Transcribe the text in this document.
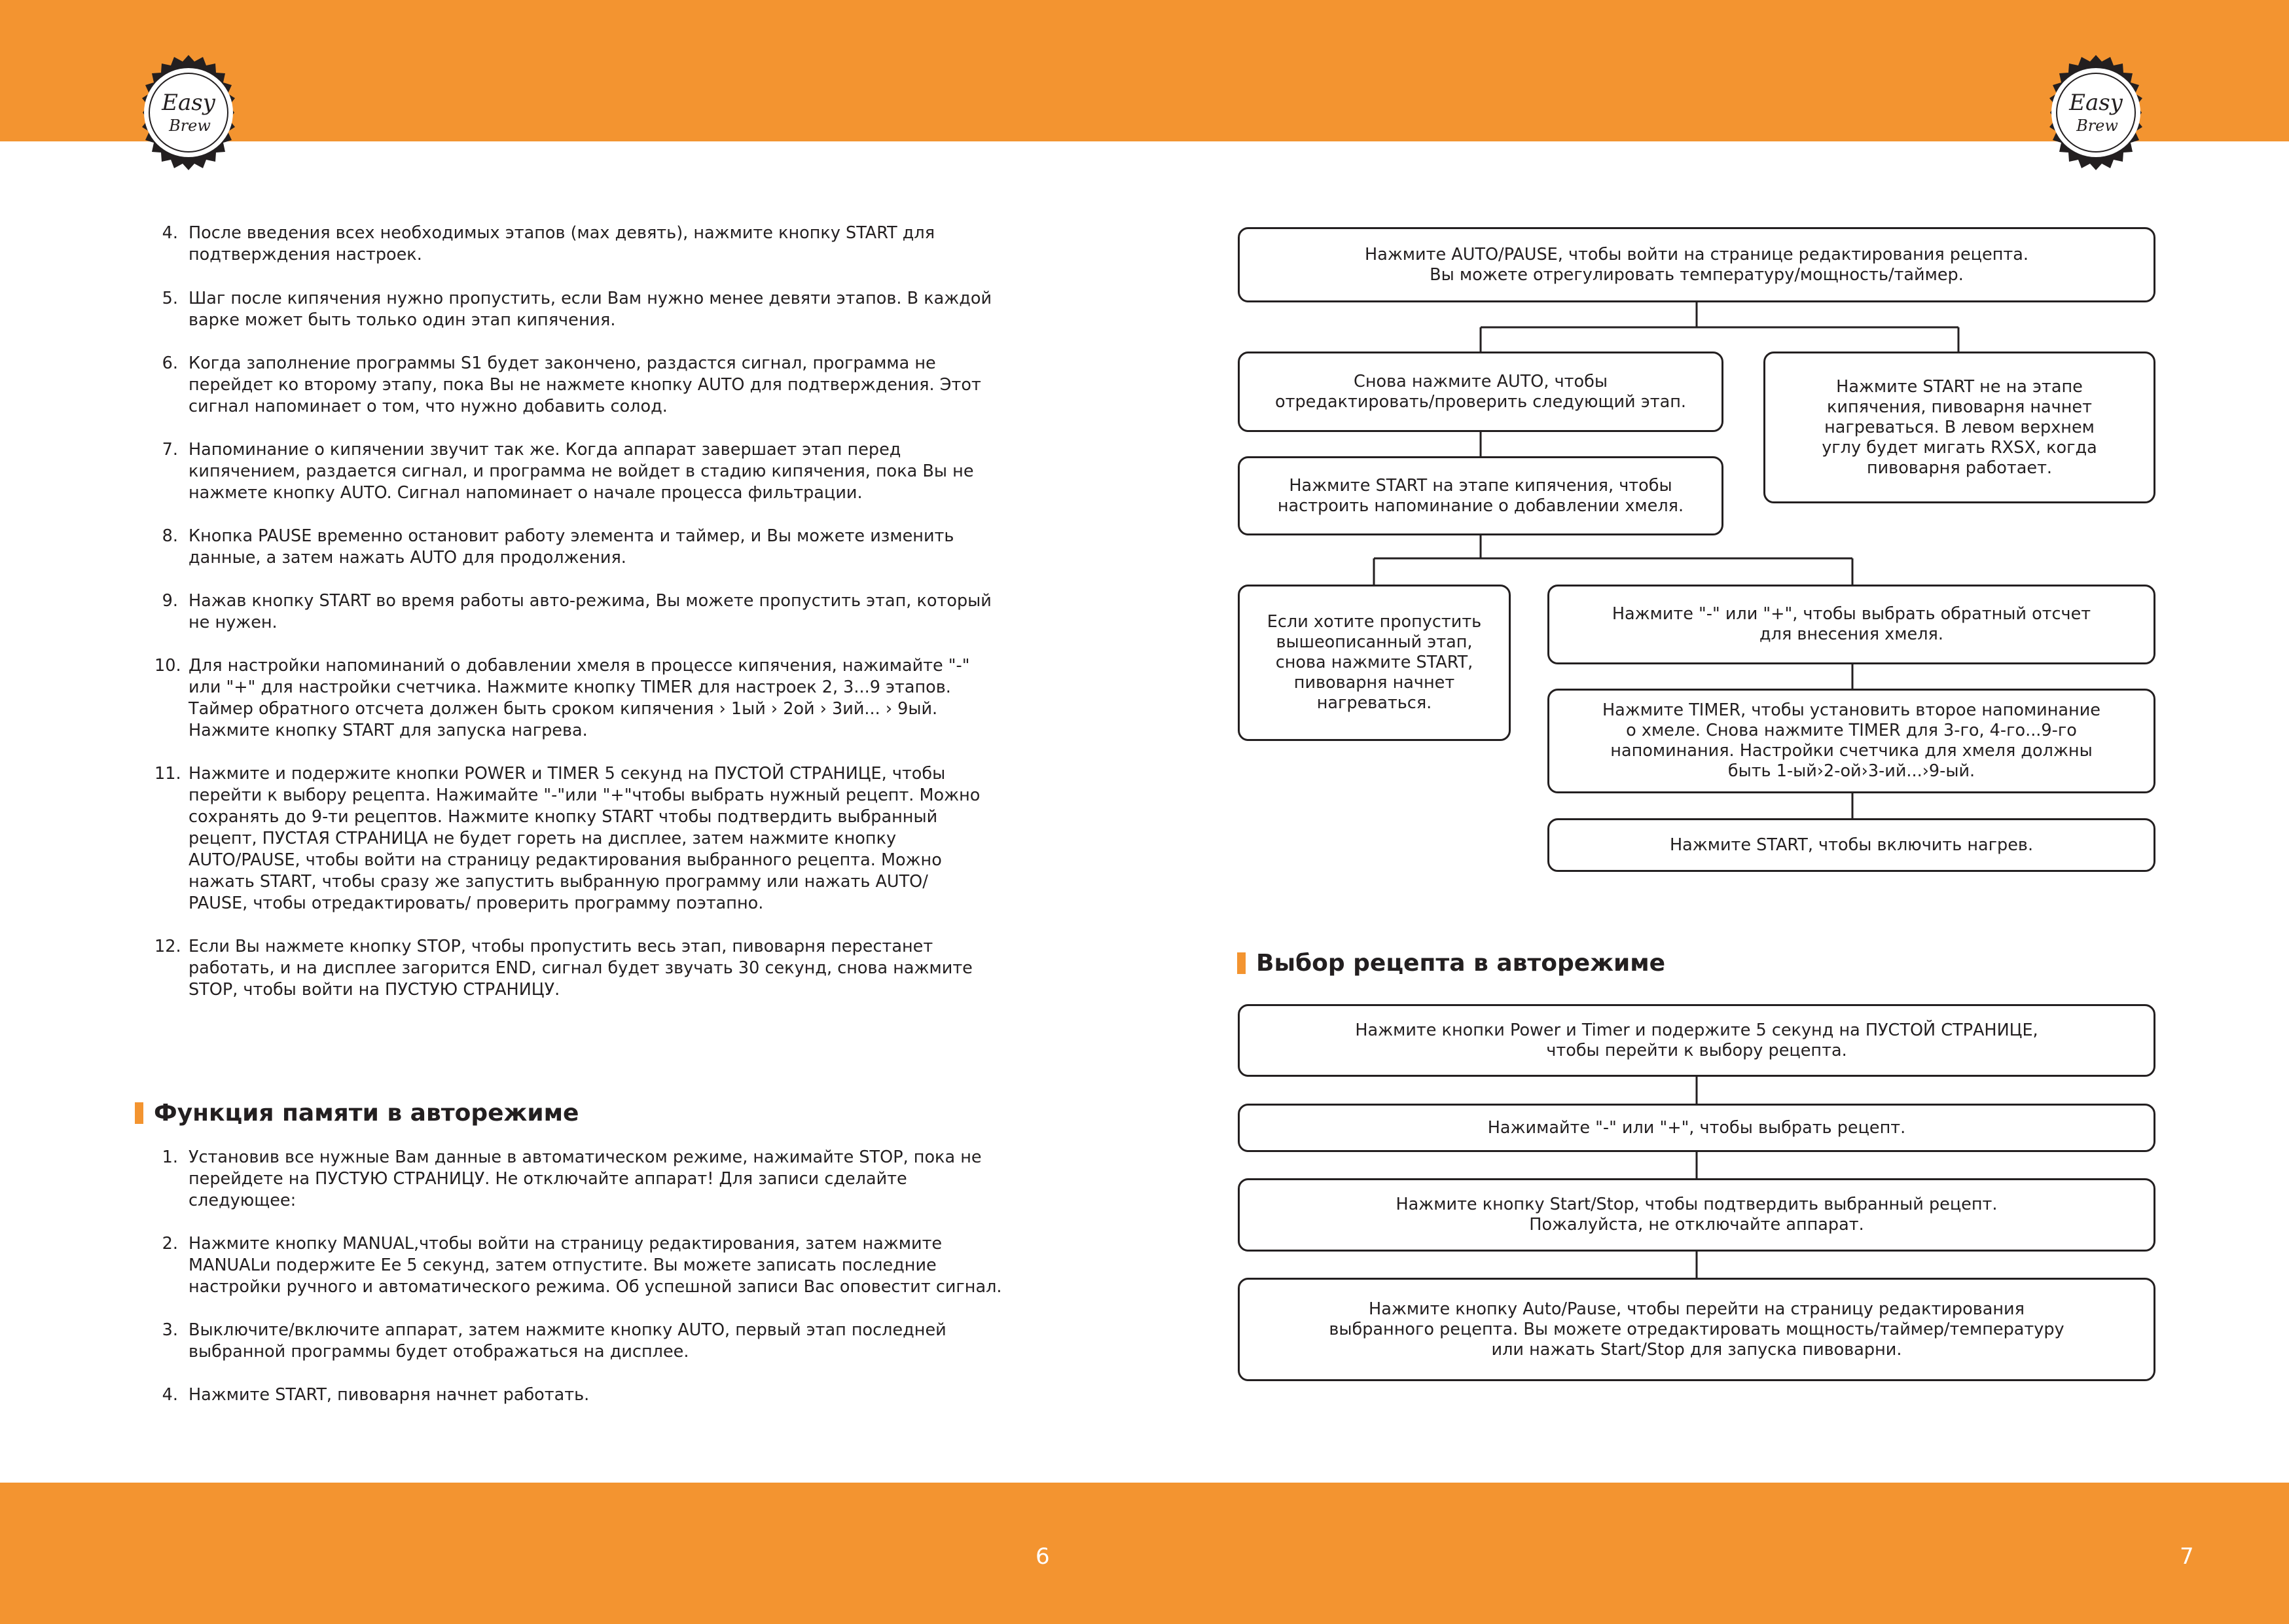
Easy
Brew
Easy
Brew
4. После введения всех необходимых этапов (мах девять), нажмите кнопку START для
подтверждения настроек.
5. Шаг после кипячения нужно пропустить, если Вам нужно менее девяти этапов. В каждой
варке может быть только один этап кипячения.
6. Когда заполнение программы S1 будет закончено, раздастся сигнал, программа не
перейдет ко второму этапу, пока Вы не нажмете кнопку AUTO для подтверждения. Этот
сигнал напоминает о том, что нужно добавить солод.
7. Напоминание о кипячении звучит так же. Когда аппарат завершает этап перед
кипячением, раздается сигнал, и программа не войдет в стадию кипячения, пока Вы не
нажмете кнопку AUTO. Сигнал напоминает о начале процесса фильтрации.
8. Кнопка PAUSE временно остановит работу элемента и таймер, и Вы можете изменить
данные, а затем нажать AUTO для продолжения.
9. Нажав кнопку START во время работы авто-режима, Вы можете пропустить этап, который
не нужен.
10. Для настройки напоминаний о добавлении хмеля в процессе кипячения, нажимайте "-"
или "+" для настройки счетчика. Нажмите кнопку TIMER для настроек 2, 3...9 этапов.
Таймер обратного отсчета должен быть сроком кипячения › 1ый › 2ой › 3ий... › 9ый.
Нажмите кнопку START для запуска нагрева.
11. Нажмите и подержите кнопки POWER и TIMER 5 секунд на ПУСТОЙ СТРАНИЦЕ, чтобы
перейти к выбору рецепта. Нажимайте "-"или "+"чтобы выбрать нужный рецепт. Можно
сохранять до 9-ти рецептов. Нажмите кнопку START чтобы подтвердить выбранный
рецепт, ПУСТАЯ СТРАНИЦА не будет гореть на дисплее, затем нажмите кнопку
AUTO/PAUSE, чтобы войти на страницу редактирования выбранного рецепта. Можно
нажать START, чтобы сразу же запустить выбранную программу или нажать AUTO/
PAUSE, чтобы отредактировать/ проверить программу поэтапно.
12. Если Вы нажмете кнопку STOP, чтобы пропустить весь этап, пивоварня перестанет
работать, и на дисплее загорится END, сигнал будет звучать 30 секунд, снова нажмите
STOP, чтобы войти на ПУСТУЮ СТРАНИЦУ.
Функция памяти в авторежиме
1. Установив все нужные Вам данные в автоматическом режиме, нажимайте STOP, пока не
перейдете на ПУСТУЮ СТРАНИЦУ. Не отключайте аппарат! Для записи сделайте
следующее:
2. Нажмите кнопку MANUAL,чтобы войти на страницу редактирования, затем нажмите
MANUALи подержите Ее 5 секунд, затем отпустите. Вы можете записать последние
настройки ручного и автоматического режима. Об успешной записи Вас оповестит сигнал.
3. Выключите/включите аппарат, затем нажмите кнопку AUTO, первый этап последней
выбранной программы будет отображаться на дисплее.
4. Нажмите START, пивоварня начнет работать.
Нажмите AUTO/PAUSE, чтобы войти на странице редактирования рецепта.
Вы можете отрегулировать температуру/мощность/таймер.
Снова нажмите AUTO, чтобы
отредактировать/проверить следующий этап.
Нажмите START не на этапе
кипячения, пивоварня начнет
нагреваться. В левом верхнем
углу будет мигать RXSX, когда
пивоварня работает.
Нажмите START на этапе кипячения, чтобы
настроить напоминание о добавлении хмеля.
Если хотите пропустить
вышеописанный этап,
снова нажмите START,
пивоварня начнет
нагреваться.
Нажмите "-" или "+", чтобы выбрать обратный отсчет
для внесения хмеля.
Нажмите TIMER, чтобы установить второе напоминание
о хмеле. Снова нажмите TIMER для 3-го, 4-го...9-го
напоминания. Настройки счетчика для хмеля должны
быть 1-ый›2-ой›3-ий...›9-ый.
Нажмите START, чтобы включить нагрев.
Выбор рецепта в авторежиме
Нажмите кнопки Power и Timer и подержите 5 секунд на ПУСТОЙ СТРАНИЦЕ,
чтобы перейти к выбору рецепта.
Нажимайте "-" или "+", чтобы выбрать рецепт.
Нажмите кнопку Start/Stop, чтобы подтвердить выбранный рецепт.
Пожалуйста, не отключайте аппарат.
Нажмите кнопку Auto/Pause, чтобы перейти на страницу редактирования
выбранного рецепта. Вы можете отредактировать мощность/таймер/температуру
или нажать Start/Stop для запуска пивоварни.
6	7
